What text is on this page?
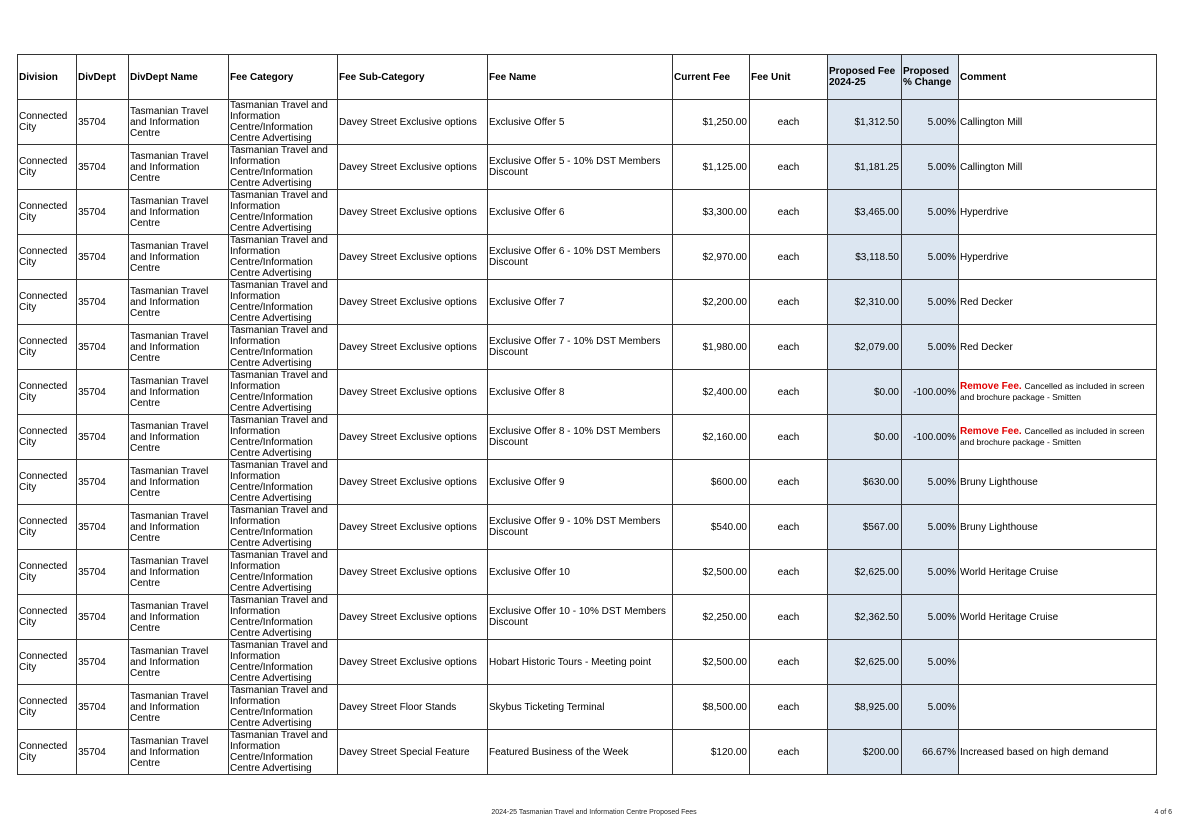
Division	DivDept	DivDept Name	Fee Category	Fee Sub-Category	Fee Name	Current Fee	Fee Unit	Proposed Fee 2024-25	Proposed % Change	Comment
Connected City	35704	Tasmanian Travel and Information Centre	Tasmanian Travel and Information Centre/Information Centre Advertising	Davey Street Exclusive options	Exclusive Offer 5	$1,250.00	each	$1,312.50	5.00%	Callington Mill
Connected City	35704	Tasmanian Travel and Information Centre	Tasmanian Travel and Information Centre/Information Centre Advertising	Davey Street Exclusive options	Exclusive Offer 5 - 10% DST Members Discount	$1,125.00	each	$1,181.25	5.00%	Callington Mill
Connected City	35704	Tasmanian Travel and Information Centre	Tasmanian Travel and Information Centre/Information Centre Advertising	Davey Street Exclusive options	Exclusive Offer 6	$3,300.00	each	$3,465.00	5.00%	Hyperdrive
Connected City	35704	Tasmanian Travel and Information Centre	Tasmanian Travel and Information Centre/Information Centre Advertising	Davey Street Exclusive options	Exclusive Offer 6 - 10% DST Members Discount	$2,970.00	each	$3,118.50	5.00%	Hyperdrive
Connected City	35704	Tasmanian Travel and Information Centre	Tasmanian Travel and Information Centre/Information Centre Advertising	Davey Street Exclusive options	Exclusive Offer 7	$2,200.00	each	$2,310.00	5.00%	Red Decker
Connected City	35704	Tasmanian Travel and Information Centre	Tasmanian Travel and Information Centre/Information Centre Advertising	Davey Street Exclusive options	Exclusive Offer 7 - 10% DST Members Discount	$1,980.00	each	$2,079.00	5.00%	Red Decker
Connected City	35704	Tasmanian Travel and Information Centre	Tasmanian Travel and Information Centre/Information Centre Advertising	Davey Street Exclusive options	Exclusive Offer 8	$2,400.00	each	$0.00	-100.00%	Remove Fee. Cancelled as included in screen and brochure package - Smitten
Connected City	35704	Tasmanian Travel and Information Centre	Tasmanian Travel and Information Centre/Information Centre Advertising	Davey Street Exclusive options	Exclusive Offer 8 - 10% DST Members Discount	$2,160.00	each	$0.00	-100.00%	Remove Fee. Cancelled as included in screen and brochure package - Smitten
Connected City	35704	Tasmanian Travel and Information Centre	Tasmanian Travel and Information Centre/Information Centre Advertising	Davey Street Exclusive options	Exclusive Offer 9	$600.00	each	$630.00	5.00%	Bruny Lighthouse
Connected City	35704	Tasmanian Travel and Information Centre	Tasmanian Travel and Information Centre/Information Centre Advertising	Davey Street Exclusive options	Exclusive Offer 9 - 10% DST Members Discount	$540.00	each	$567.00	5.00%	Bruny Lighthouse
Connected City	35704	Tasmanian Travel and Information Centre	Tasmanian Travel and Information Centre/Information Centre Advertising	Davey Street Exclusive options	Exclusive Offer 10	$2,500.00	each	$2,625.00	5.00%	World Heritage Cruise
Connected City	35704	Tasmanian Travel and Information Centre	Tasmanian Travel and Information Centre/Information Centre Advertising	Davey Street Exclusive options	Exclusive Offer 10 - 10% DST Members Discount	$2,250.00	each	$2,362.50	5.00%	World Heritage Cruise
Connected City	35704	Tasmanian Travel and Information Centre	Tasmanian Travel and Information Centre/Information Centre Advertising	Davey Street Exclusive options	Hobart Historic Tours - Meeting point	$2,500.00	each	$2,625.00	5.00%	
Connected City	35704	Tasmanian Travel and Information Centre	Tasmanian Travel and Information Centre/Information Centre Advertising	Davey Street Floor Stands	Skybus Ticketing Terminal	$8,500.00	each	$8,925.00	5.00%	
Connected City	35704	Tasmanian Travel and Information Centre	Tasmanian Travel and Information Centre/Information Centre Advertising	Davey Street Special Feature	Featured Business of the Week	$120.00	each	$200.00	66.67%	Increased based on high demand
2024-25 Tasmanian Travel and Information Centre Proposed Fees	4 of 6
